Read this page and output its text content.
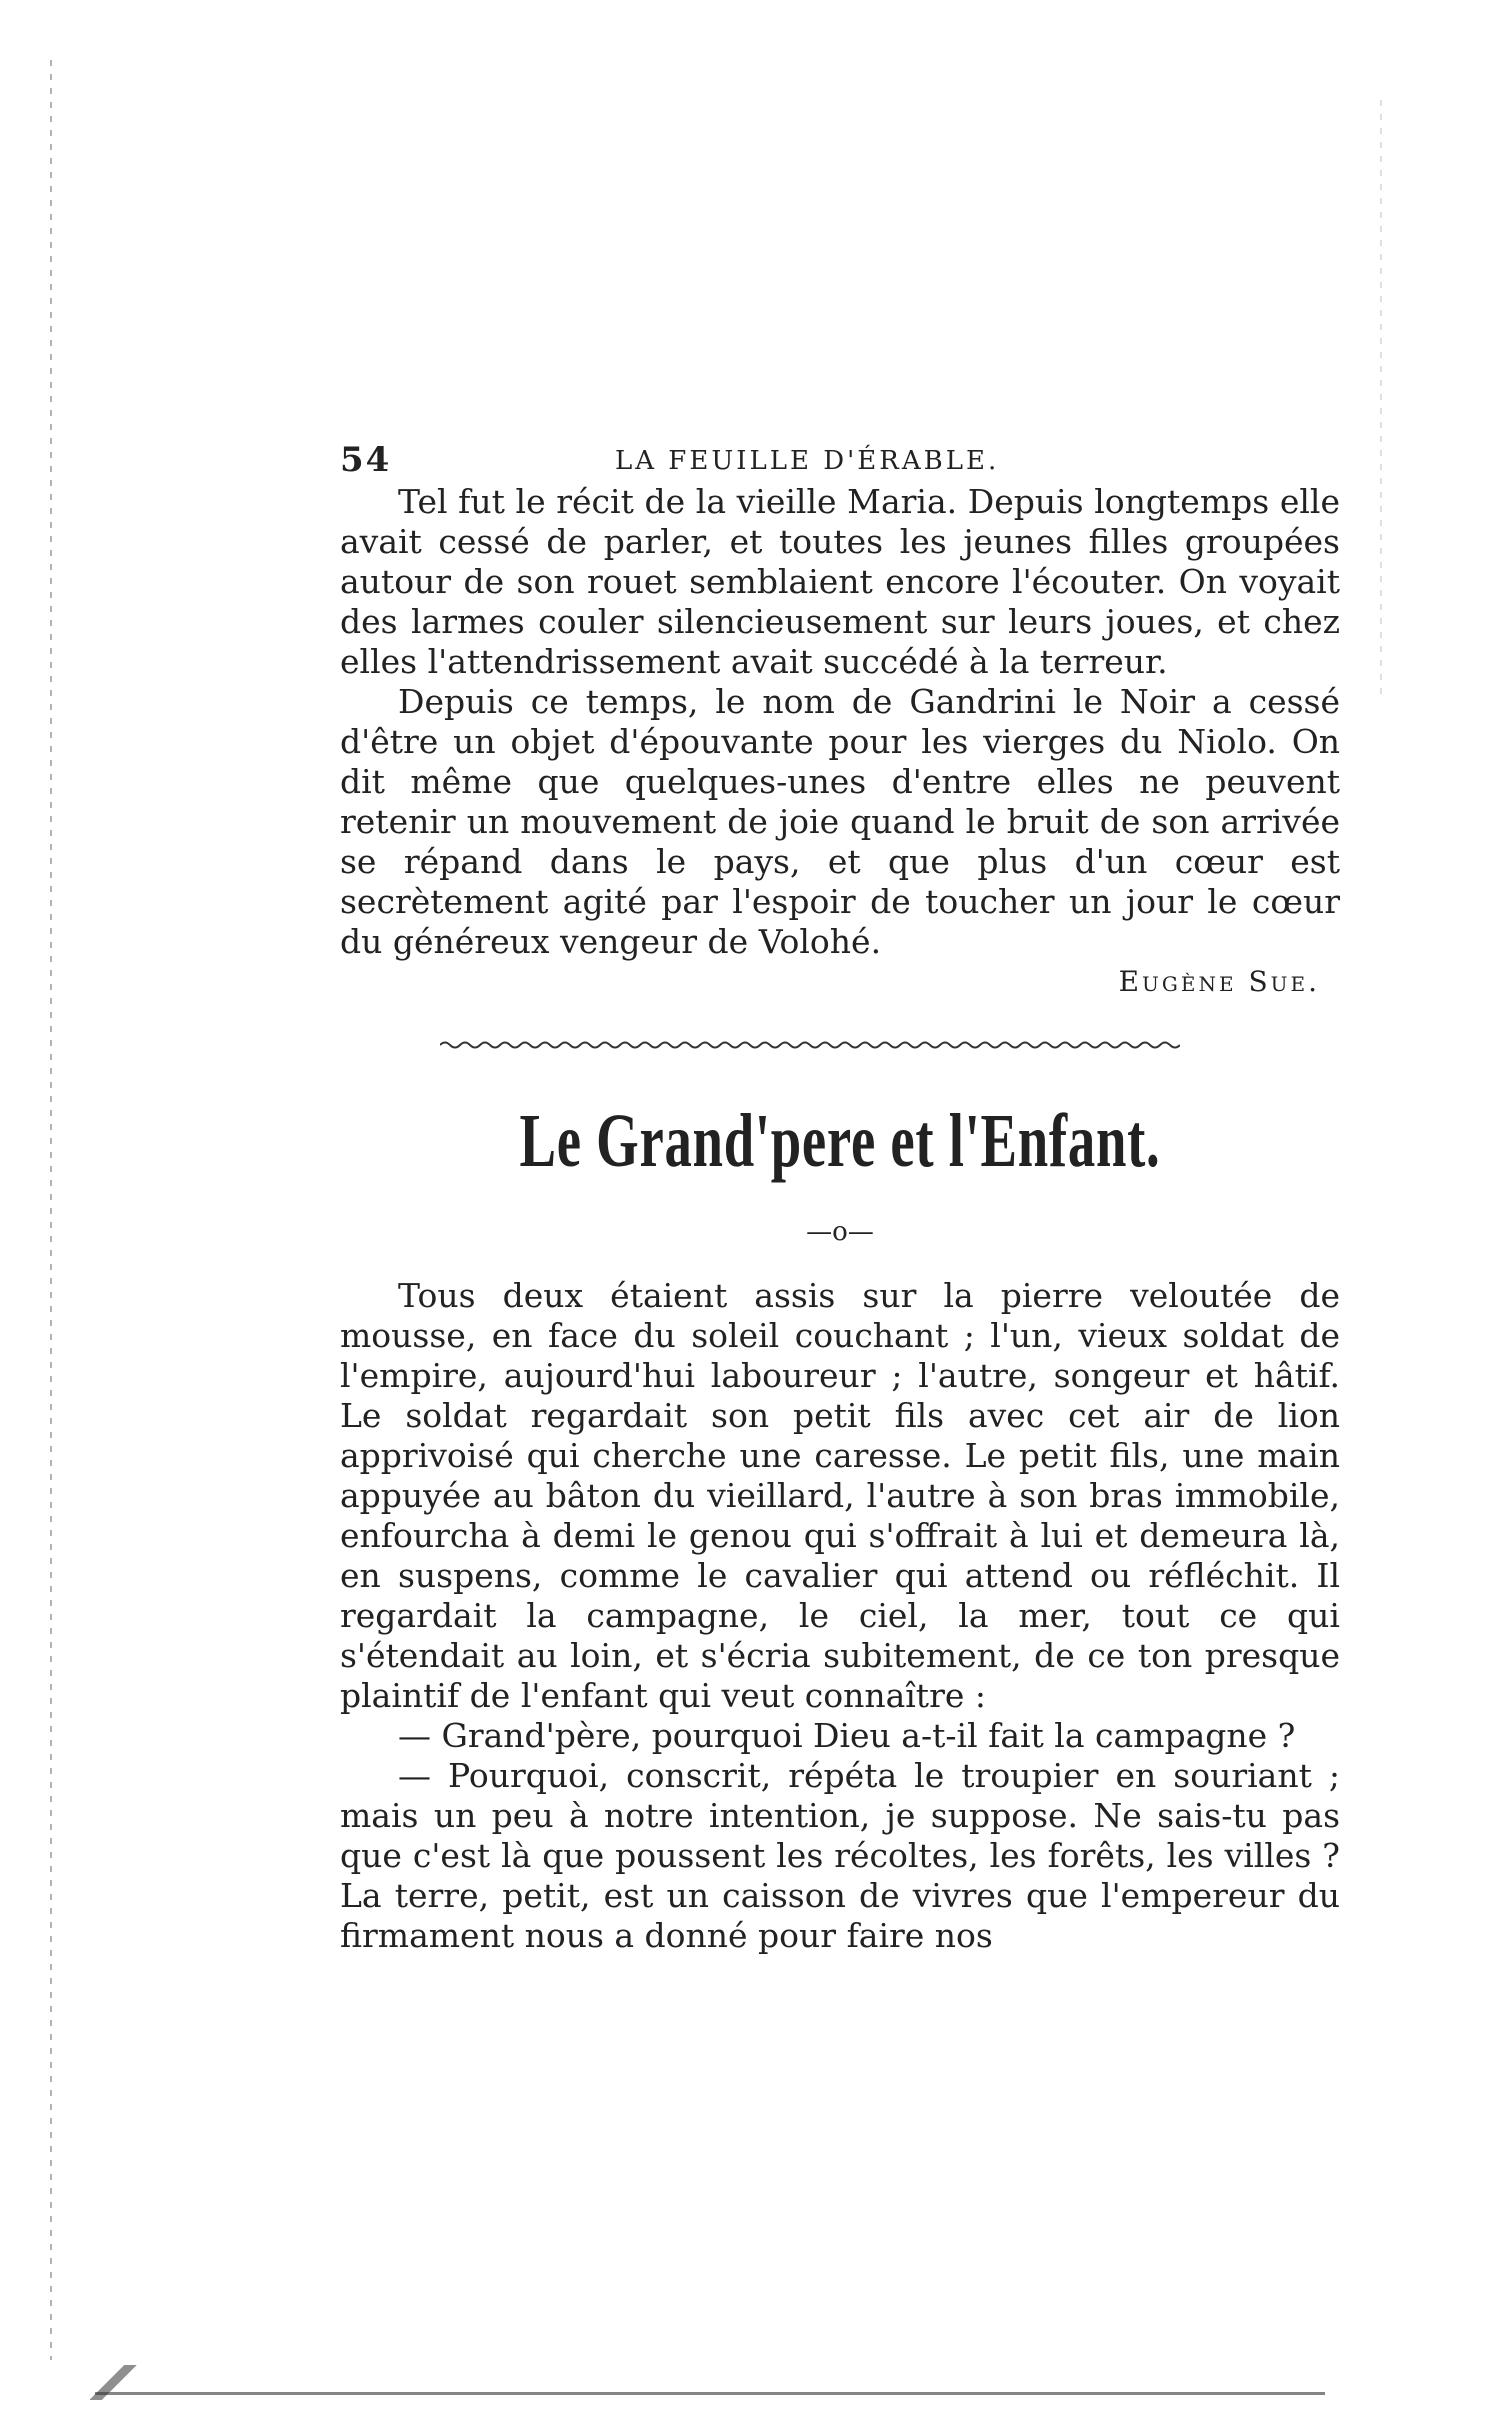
54	LA FEUILLE D'ÉRABLE.

Tel fut le récit de la vieille Maria. Depuis longtemps elle avait cessé de parler, et toutes les jeunes filles groupées autour de son rouet semblaient encore l'écouter. On voyait des larmes couler silencieusement sur leurs joues, et chez elles l'attendrissement avait succédé à la terreur.

Depuis ce temps, le nom de Gandrini le Noir a cessé d'être un objet d'épouvante pour les vierges du Niolo. On dit même que quelques-unes d'entre elles ne peuvent retenir un mouvement de joie quand le bruit de son arrivée se répand dans le pays, et que plus d'un cœur est secrètement agité par l'espoir de toucher un jour le cœur du généreux vengeur de Volohé.

Eugène Sue.

Le Grand'pere et l'Enfant.
—o—

Tous deux étaient assis sur la pierre veloutée de mousse, en face du soleil couchant ; l'un, vieux soldat de l'empire, aujourd'hui laboureur ; l'autre, songeur et hâtif. Le soldat regardait son petit fils avec cet air de lion apprivoisé qui cherche une caresse. Le petit fils, une main appuyée au bâton du vieillard, l'autre à son bras immobile, enfourcha à demi le genou qui s'offrait à lui et demeura là, en suspens, comme le cavalier qui attend ou réfléchit. Il regardait la campagne, le ciel, la mer, tout ce qui s'étendait au loin, et s'écria subitement, de ce ton presque plaintif de l'enfant qui veut connaître :

— Grand'père, pourquoi Dieu a-t-il fait la campagne ?

— Pourquoi, conscrit, répéta le troupier en souriant ; mais un peu à notre intention, je suppose. Ne sais-tu pas que c'est là que poussent les récoltes, les forêts, les villes ? La terre, petit, est un caisson de vivres que l'empereur du firmament nous a donné pour faire nos
